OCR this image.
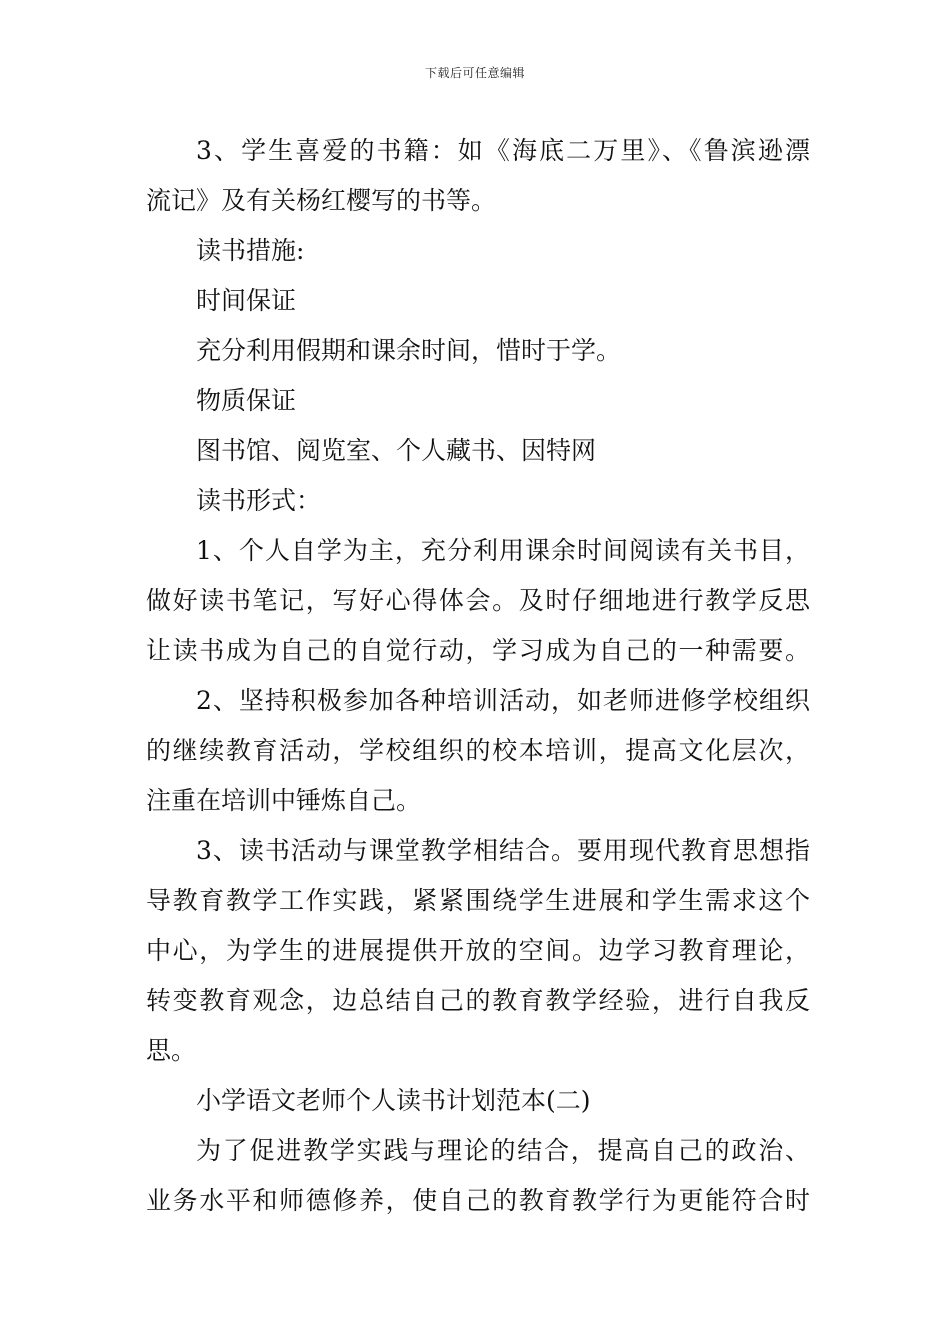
下载后可任意编辑
3、学生喜爱的书籍：如《海底二万里》、《鲁滨逊漂
流记》及有关杨红樱写的书等。
读书措施:
时间保证
充分利用假期和课余时间，惜时于学。
物质保证
图书馆、阅览室、个人藏书、因特网
读书形式：
1、个人自学为主，充分利用课余时间阅读有关书目，
做好读书笔记，写好心得体会。及时仔细地进行教学反思
让读书成为自己的自觉行动，学习成为自己的一种需要。
2、坚持积极参加各种培训活动，如老师进修学校组织
的继续教育活动，学校组织的校本培训，提高文化层次，
注重在培训中锤炼自己。
3、读书活动与课堂教学相结合。要用现代教育思想指
导教育教学工作实践，紧紧围绕学生进展和学生需求这个
中心，为学生的进展提供开放的空间。边学习教育理论，
转变教育观念，边总结自己的教育教学经验，进行自我反
思。
小学语文老师个人读书计划范本(二)
为了促进教学实践与理论的结合，提高自己的政治、
业务水平和师德修养，使自己的教育教学行为更能符合时
